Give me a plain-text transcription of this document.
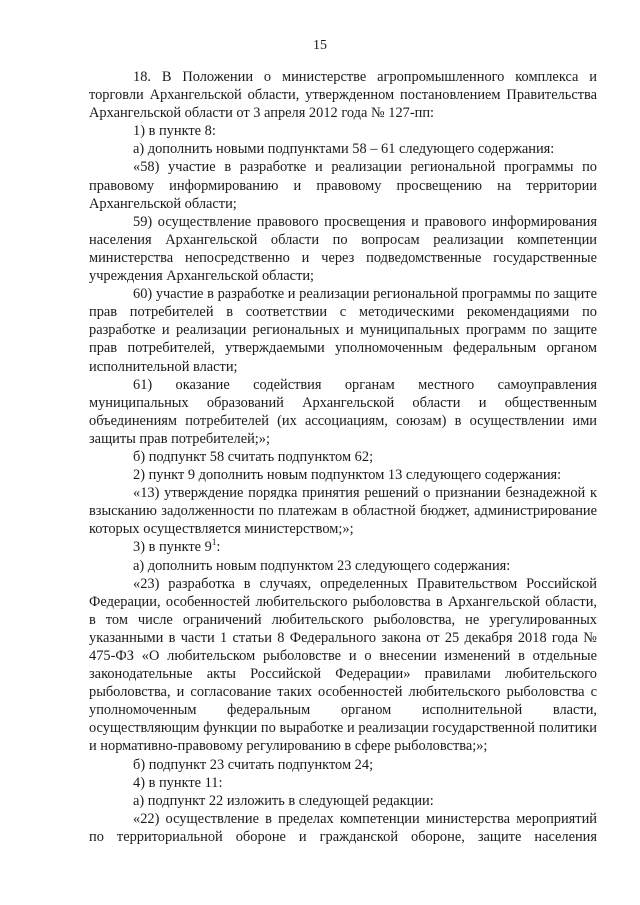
15

18. В Положении о министерстве агропромышленного комплекса и торговли Архангельской области, утвержденном постановлением Правительства Архангельской области от 3 апреля 2012 года № 127-пп:

1) в пункте 8:

а) дополнить новыми подпунктами 58 – 61 следующего содержания:

«58) участие в разработке и реализации региональной программы по правовому информированию и правовому просвещению на территории Архангельской области;

59) осуществление правового просвещения и правового информирования населения Архангельской области по вопросам реализации компетенции министерства непосредственно и через подведомственные государственные учреждения Архангельской области;

60) участие в разработке и реализации региональной программы по защите прав потребителей в соответствии с методическими рекомендациями по разработке и реализации региональных и муниципальных программ по защите прав потребителей, утверждаемыми уполномоченным федеральным органом исполнительной власти;

61) оказание содействия органам местного самоуправления муниципальных образований Архангельской области и общественным объединениям потребителей (их ассоциациям, союзам) в осуществлении ими защиты прав потребителей;»;

б) подпункт 58 считать подпунктом 62;

2) пункт 9 дополнить новым подпунктом 13 следующего содержания:

«13) утверждение порядка принятия решений о признании безнадежной к взысканию задолженности по платежам в областной бюджет, администрирование которых осуществляется министерством;»;

3) в пункте $9^1$:

а) дополнить новым подпунктом 23 следующего содержания:

«23) разработка в случаях, определенных Правительством Российской Федерации, особенностей любительского рыболовства в Архангельской области, в том числе ограничений любительского рыболовства, не урегулированных указанными в части 1 статьи 8 Федерального закона от 25 декабря 2018 года № 475-ФЗ «О любительском рыболовстве и о внесении изменений в отдельные законодательные акты Российской Федерации» правилами любительского рыболовства, и согласование таких особенностей любительского рыболовства с уполномоченным федеральным органом исполнительной власти, осуществляющим функции по выработке и реализации государственной политики и нормативно-правовому регулированию в сфере рыболовства;»;

б) подпункт 23 считать подпунктом 24;

4) в пункте 11:

а) подпункт 22 изложить в следующей редакции:

«22) осуществление в пределах компетенции министерства мероприятий по территориальной обороне и гражданской обороне, защите населения
